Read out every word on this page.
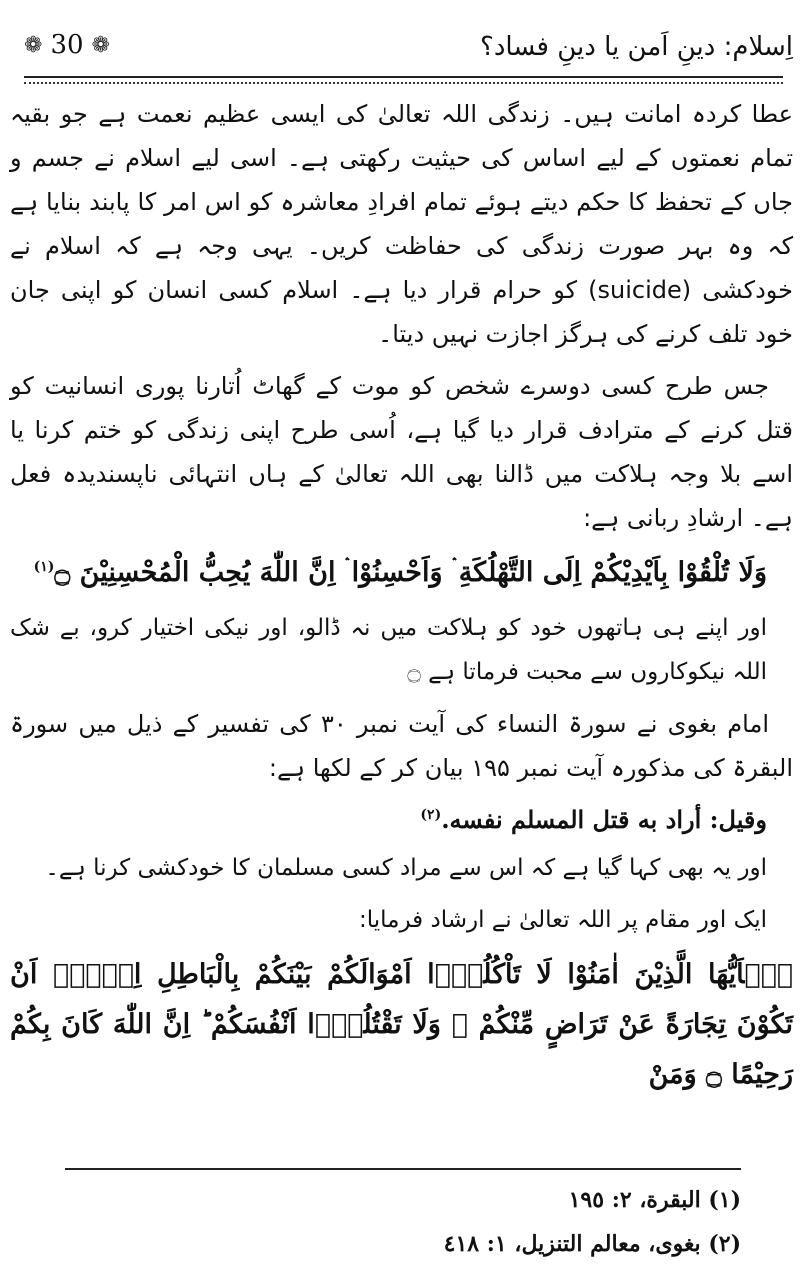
اِسلام: دینِ اَمن یا دینِ فساد؟
❁ 30 ❁

عطا کردہ امانت ہیں۔ زندگی اللہ تعالیٰ کی ایسی عظیم نعمت ہے جو بقیہ تمام نعمتوں کے لیے اساس کی حیثیت رکھتی ہے۔ اسی لیے اسلام نے جسم و جاں کے تحفظ کا حکم دیتے ہوئے تمام افرادِ معاشرہ کو اس امر کا پابند بنایا ہے کہ وہ بہر صورت زندگی کی حفاظت کریں۔ یہی وجہ ہے کہ اسلام نے خودکشی (suicide) کو حرام قرار دیا ہے۔ اسلام کسی انسان کو اپنی جان خود تلف کرنے کی ہرگز اجازت نہیں دیتا۔

جس طرح کسی دوسرے شخص کو موت کے گھاٹ اُتارنا پوری انسانیت کو قتل کرنے کے مترادف قرار دیا گیا ہے، اُسی طرح اپنی زندگی کو ختم کرنا یا اسے بلا وجہ ہلاکت میں ڈالنا بھی اللہ تعالیٰ کے ہاں انتہائی ناپسندیدہ فعل ہے۔ ارشادِ ربانی ہے:

وَلَا تُلْقُوْا بِاَيْدِيْكُمْ اِلَى التَّهْلُكَةِ ۛ وَاَحْسِنُوْا ۛ اِنَّ اللّٰهَ يُحِبُّ الْمُحْسِنِيْنَ ۝$^{(١)}$

اور اپنے ہی ہاتھوں خود کو ہلاکت میں نہ ڈالو، اور نیکی اختیار کرو، بے شک اللہ نیکوکاروں سے محبت فرماتا ہے ۝

امام بغوی نے سورۃ النساء کی آیت نمبر ۳۰ کی تفسیر کے ذیل میں سورۃ البقرۃ کی مذکورہ آیت نمبر ۱۹۵ بیان کر کے لکھا ہے:

وقيل: أراد به قتل المسلم نفسه.$^{(٢)}$

اور یہ بھی کہا گیا ہے کہ اس سے مراد کسی مسلمان کا خودکشی کرنا ہے۔

ایک اور مقام پر اللہ تعالیٰ نے ارشاد فرمایا:

يٰۤاَيُّهَا الَّذِيْنَ اٰمَنُوْا لَا تَاْكُلُوْۤا اَمْوَالَكُمْ بَيْنَكُمْ بِالْبَاطِلِ اِلَّاۤ اَنْ تَكُوْنَ تِجَارَةً عَنْ تَرَاضٍ مِّنْكُمْ ۗ وَلَا تَقْتُلُوْۤا اَنْفُسَكُمْ ؕ اِنَّ اللّٰهَ كَانَ بِكُمْ رَحِيْمًا ۝ وَمَنْ

(١) البقرة، ٢: ١٩٥
(٢) بغوى، معالم التنزيل، ١: ٤١٨
